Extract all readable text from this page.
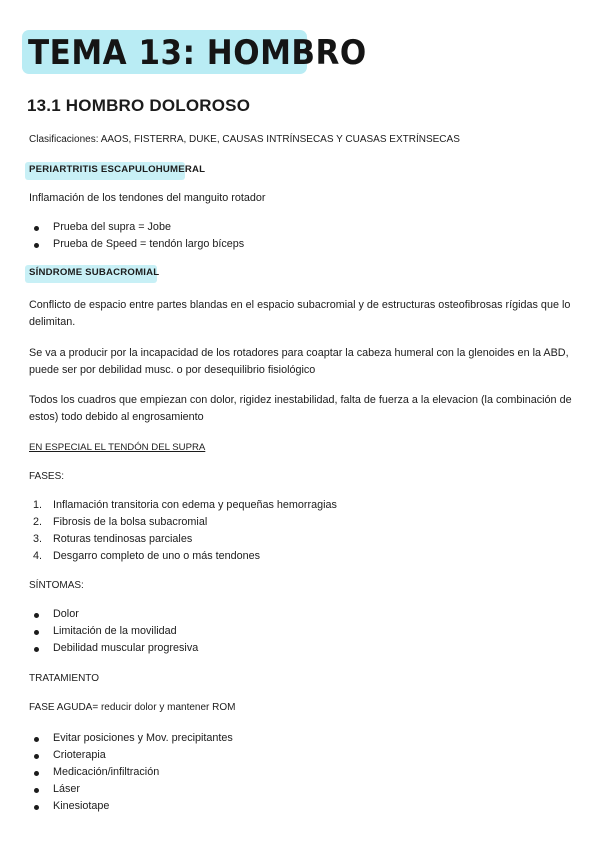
TEMA 13: HOMBRO
13.1 HOMBRO DOLOROSO
Clasificaciones: AAOS, FISTERRA, DUKE, CAUSAS INTRÍNSECAS Y CUASAS EXTRÍNSECAS
PERIARTRITIS ESCAPULOHUMERAL
Inflamación de los tendones del manguito rotador
Prueba del supra = Jobe
Prueba de Speed = tendón largo bíceps
SÍNDROME SUBACROMIAL
Conflicto de espacio entre partes blandas en el espacio subacromial y de estructuras osteofibrosas rígidas que lo delimitan.
Se va a producir por la incapacidad de los rotadores para coaptar la cabeza humeral con la glenoides en la ABD, puede ser por debilidad musc. o por desequilibrio fisiológico
Todos los cuadros que empiezan con dolor, rigidez inestabilidad, falta de fuerza a la elevacion (la combinación de estos) todo debido al engrosamiento
EN ESPECIAL EL TENDÓN DEL SUPRA
FASES:
1. Inflamación transitoria con edema y pequeñas hemorragias
2. Fibrosis de la bolsa subacromial
3. Roturas tendinosas parciales
4. Desgarro completo de uno o más tendones
SÍNTOMAS:
Dolor
Limitación de la movilidad
Debilidad muscular progresiva
TRATAMIENTO
FASE AGUDA= reducir dolor y mantener ROM
Evitar posiciones y Mov. precipitantes
Crioterapia
Medicación/infiltración
Láser
Kinesiotape
